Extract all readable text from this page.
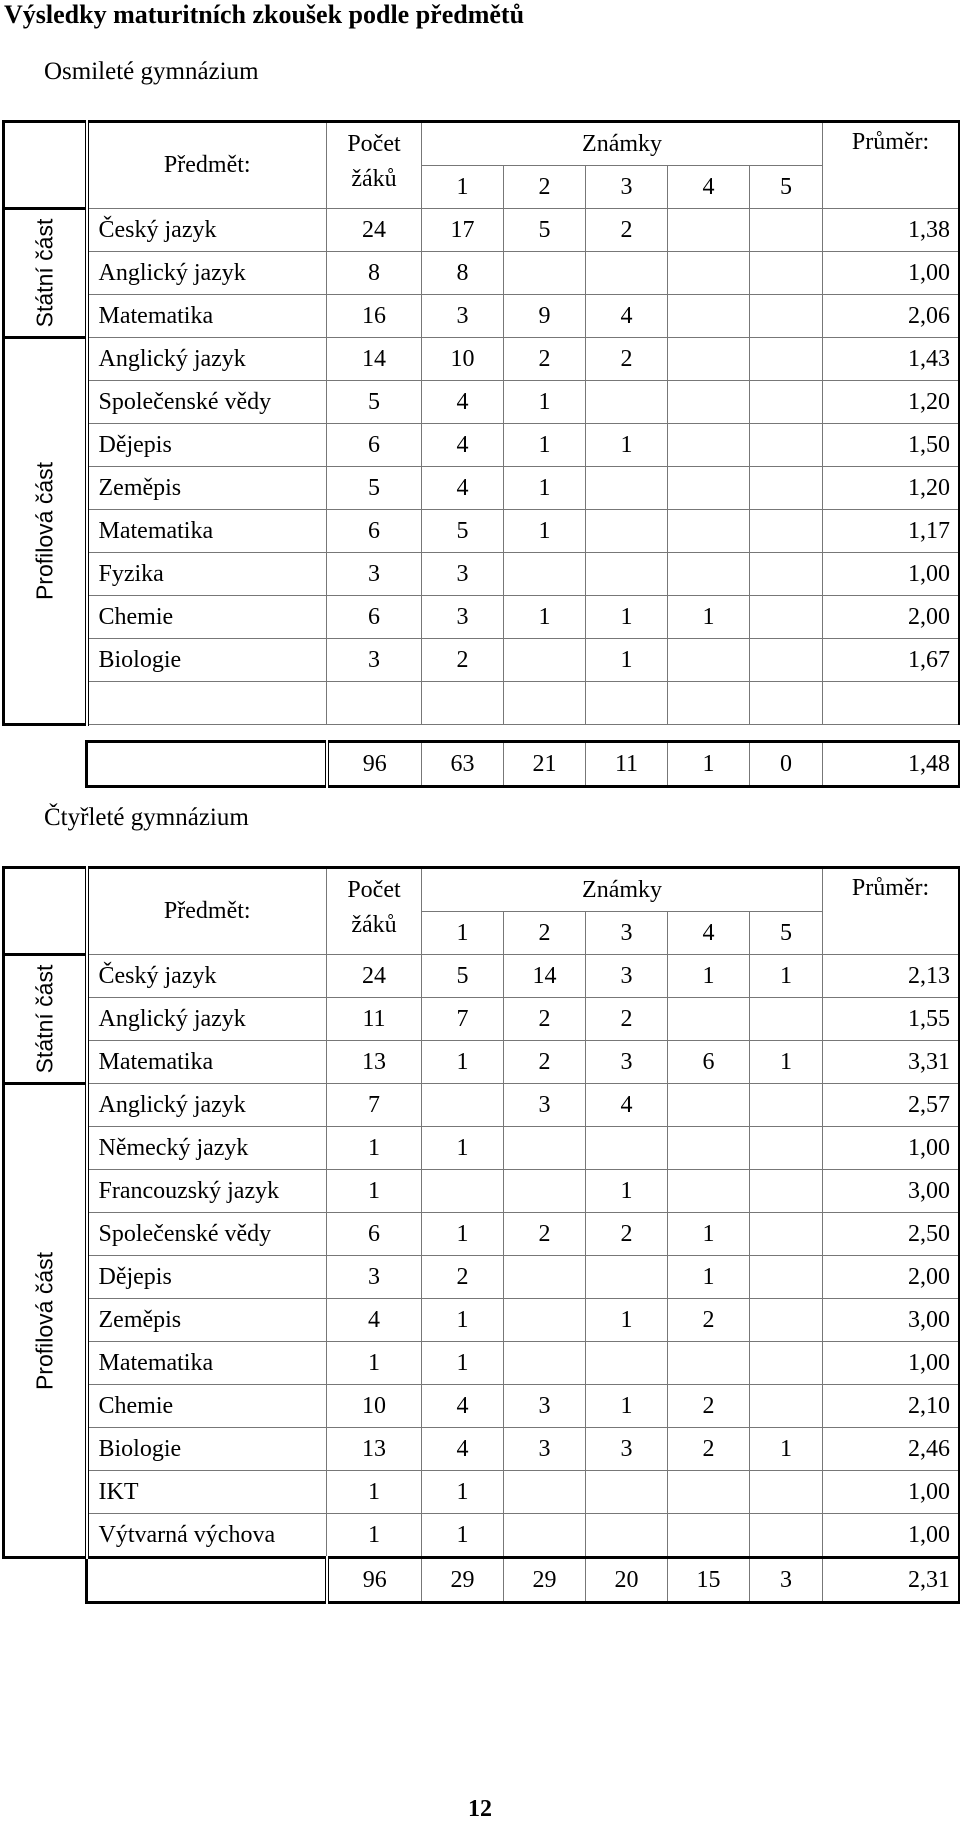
Výsledky maturitních zkoušek podle předmětů
Osmileté gymnázium
	Předmět:	Počet	Známky					Průměr:
		žáků	1	2	3	4	5	

Státní část	Český jazyk	24	17	5	2			1,38
	Anglický jazyk	8	8					1,00
	Matematika	16	3	9	4			2,06

Profilová část	Anglický jazyk	14	10	2	2			1,43
	Společenské vědy	5	4	1				1,20
	Dějepis	6	4	1	1			1,50
	Zeměpis	5	4	1				1,20
	Matematika	6	5	1				1,17
	Fyzika	3	3					1,00
	Chemie	6	3	1	1	1		2,00
	Biologie	3	2		1			1,67

		96	63	21	11	1	0	1,48
Čtyřleté gymnázium
	Předmět:	Počet	Známky					Průměr:
		žáků	1	2	3	4	5	

Státní část	Český jazyk	24	5	14	3	1	1	2,13
	Anglický jazyk	11	7	2	2			1,55
	Matematika	13	1	2	3	6	1	3,31

Profilová část	Anglický jazyk	7		3	4			2,57
	Německý jazyk	1	1					1,00
	Francouzský jazyk	1			1			3,00
	Společenské vědy	6	1	2	2	1		2,50
	Dějepis	3	2			1		2,00
	Zeměpis	4	1		1	2		3,00
	Matematika	1	1					1,00
	Chemie	10	4	3	1	2		2,10
	Biologie	13	4	3	3	2	1	2,46
	IKT	1	1					1,00
	Výtvarná výchova	1	1					1,00
		96	29	29	20	15	3	2,31
12
